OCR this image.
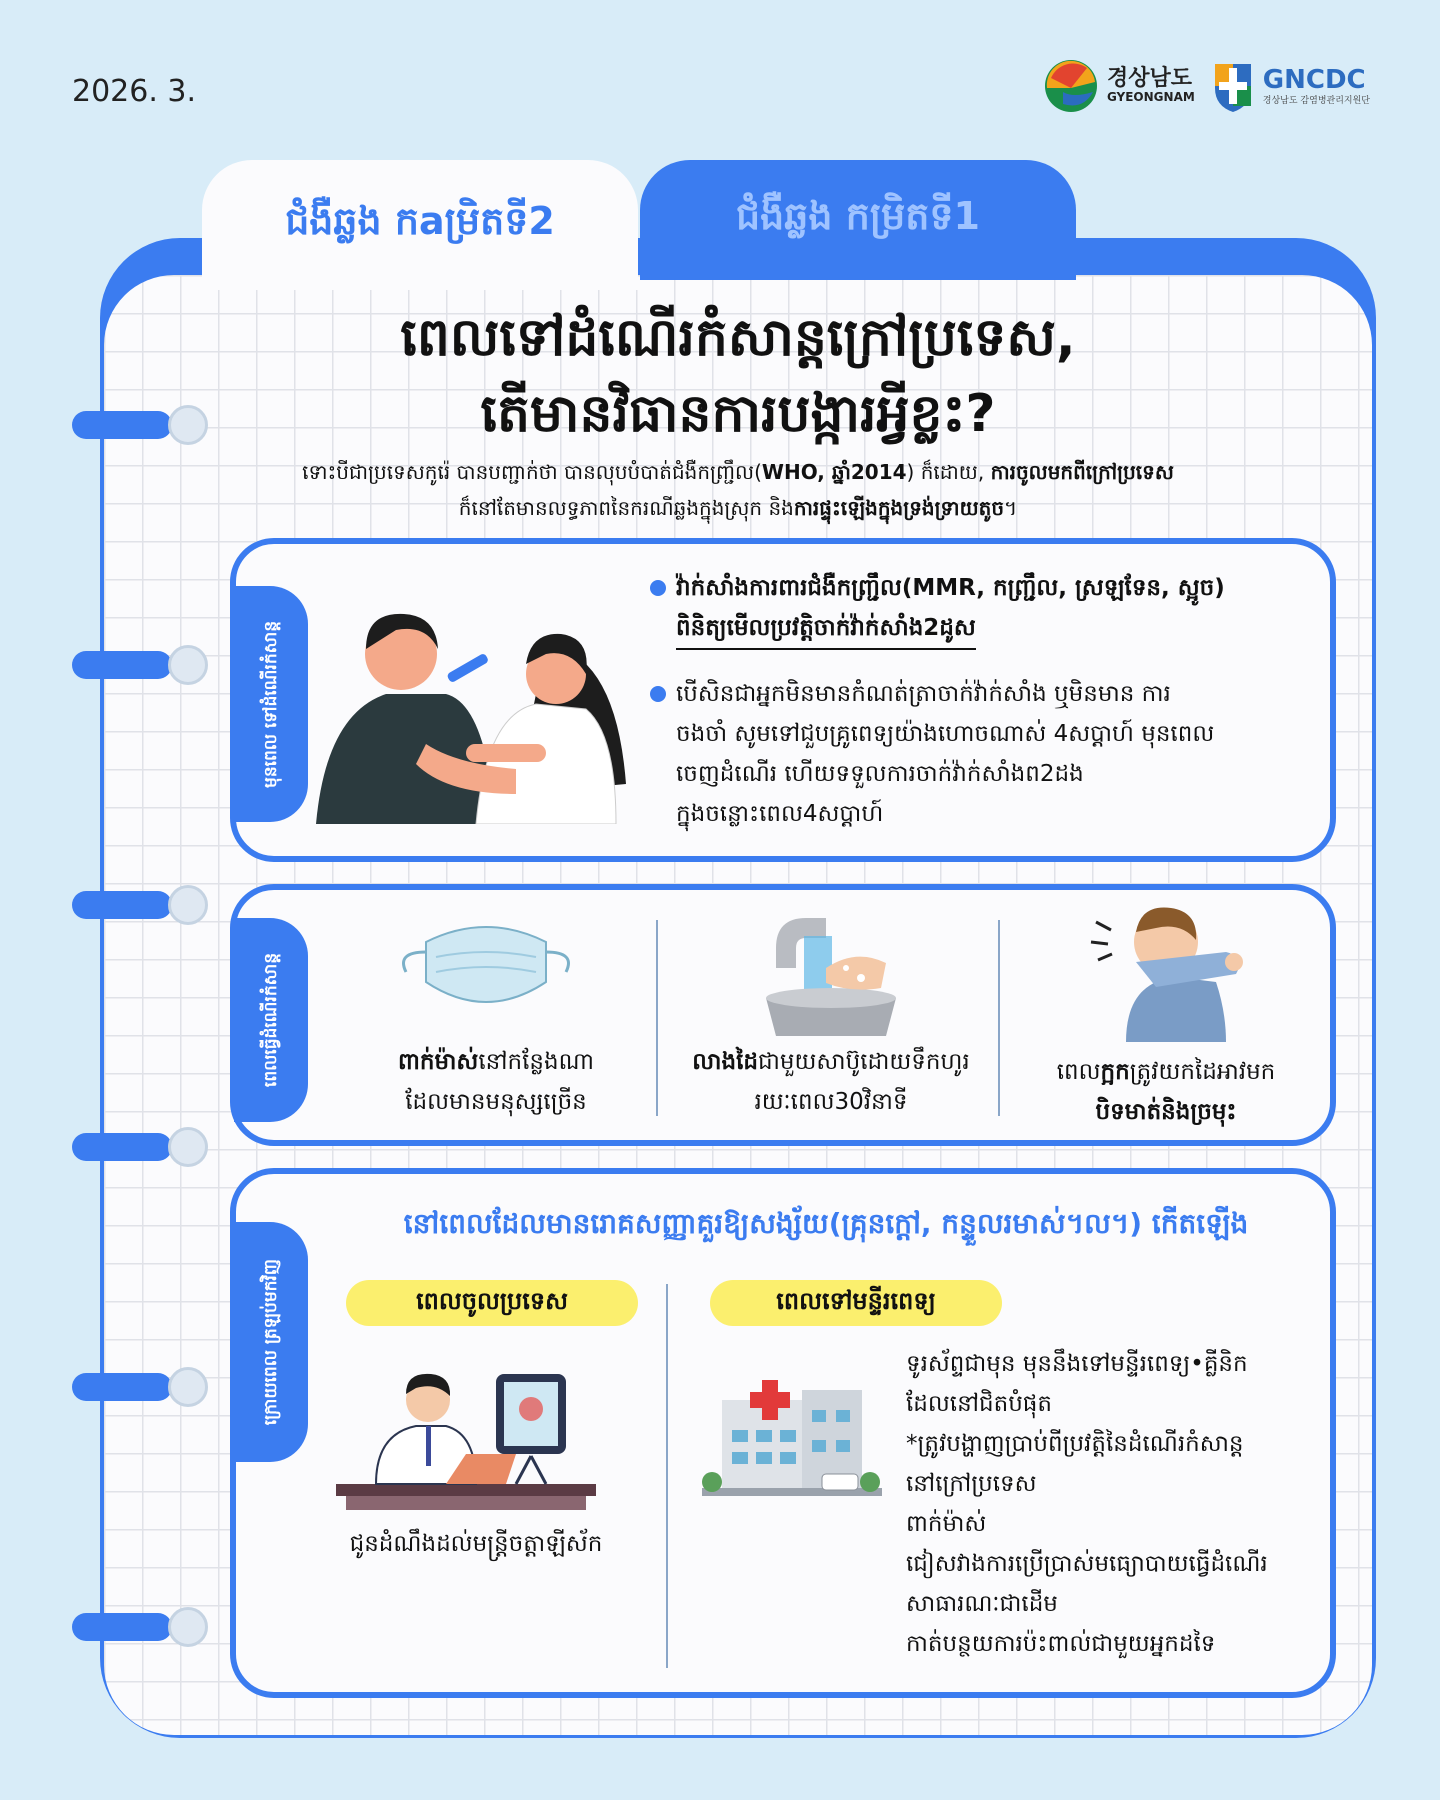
2026. 3.	경상남도
GYEONGNAM
GNCDC
경상남도 감염병관리지원단
ជំងឺឆ្លង កម្រិតទី1
ជំងឺឆ្លង កaម្រិតទី2
ពេលទៅដំណើរកំសាន្តក្រៅប្រទេស,
តើមានវិធានការបង្ការអ្វីខ្លះ?
ទោះបីជាប្រទេសកូរ៉េ បានបញ្ជាក់ថា បានលុបបំបាត់ជំងឺកញ្ជ្រឹល(WHO, ឆ្នាំ2014) ក៏ដោយ, ការចូលមកពីក្រៅប្រទេស
ក៏នៅតែមានលទ្ធភាពនៃករណីឆ្លងក្នុងស្រុក និងការផ្ទុះឡើងក្នុងទ្រង់ទ្រាយតូច។
មុនពេល ទៅដំណើរកំសាន្ត
វ៉ាក់សាំងការពារជំងឺកញ្ជ្រឹល(MMR, កញ្ជ្រឹល, ស្រឡទែន, ស្អូច)
ពិនិត្យមើលប្រវត្តិចាក់វ៉ាក់សាំង2ដូស
បើសិនជាអ្នកមិនមានកំណត់ត្រាចាក់វ៉ាក់សាំង ឬមិនមាន ការ
ចងចាំ សូមទៅជួបគ្រូពេទ្យយ៉ាងហោចណាស់ 4សប្តាហ៍ មុនពេល
ចេញដំណើរ ហើយទទួលការចាក់វ៉ាក់សាំងព2ដង
ក្នុងចន្លោះពេល4សប្តាហ៍
ពេលធ្វើដំណើរកំសាន្ត	ពាក់ម៉ាស់នៅកន្លែងណា
ដែលមានមនុស្សច្រើន
លាងដៃជាមួយសាប៊ូដោយទឹកហូរ
រយៈពេល30វិនាទី
ពេលក្អកត្រូវយកដៃអាវមក
បិទមាត់និងច្រមុះ
ក្រោយពេល ត្រឡប់មកវិញ
នៅពេលដែលមានរោគសញ្ញាគួរឱ្យសង្ស័យ(គ្រុនក្តៅ, កន្ទួលរមាស់។ល។) កើតឡើង
ពេលចូលប្រទេស	ពេលទៅមន្ទីរពេទ្យ
ជូនដំណឹងដល់មន្ត្រីចត្តាឡីស័ក
ទូរស័ព្ទជាមុន មុននឹងទៅមន្ទីរពេទ្យ•គ្លីនិក
ដែលនៅជិតបំផុត
*ត្រូវបង្ហាញប្រាប់ពីប្រវត្តិនៃដំណើរកំសាន្ត
នៅក្រៅប្រទេស
ពាក់ម៉ាស់
ជៀសវាងការប្រើប្រាស់មធ្យោបាយធ្វើដំណើរ
សាធារណៈជាដើម
កាត់បន្ថយការប៉ះពាល់ជាមួយអ្នកដទៃ
